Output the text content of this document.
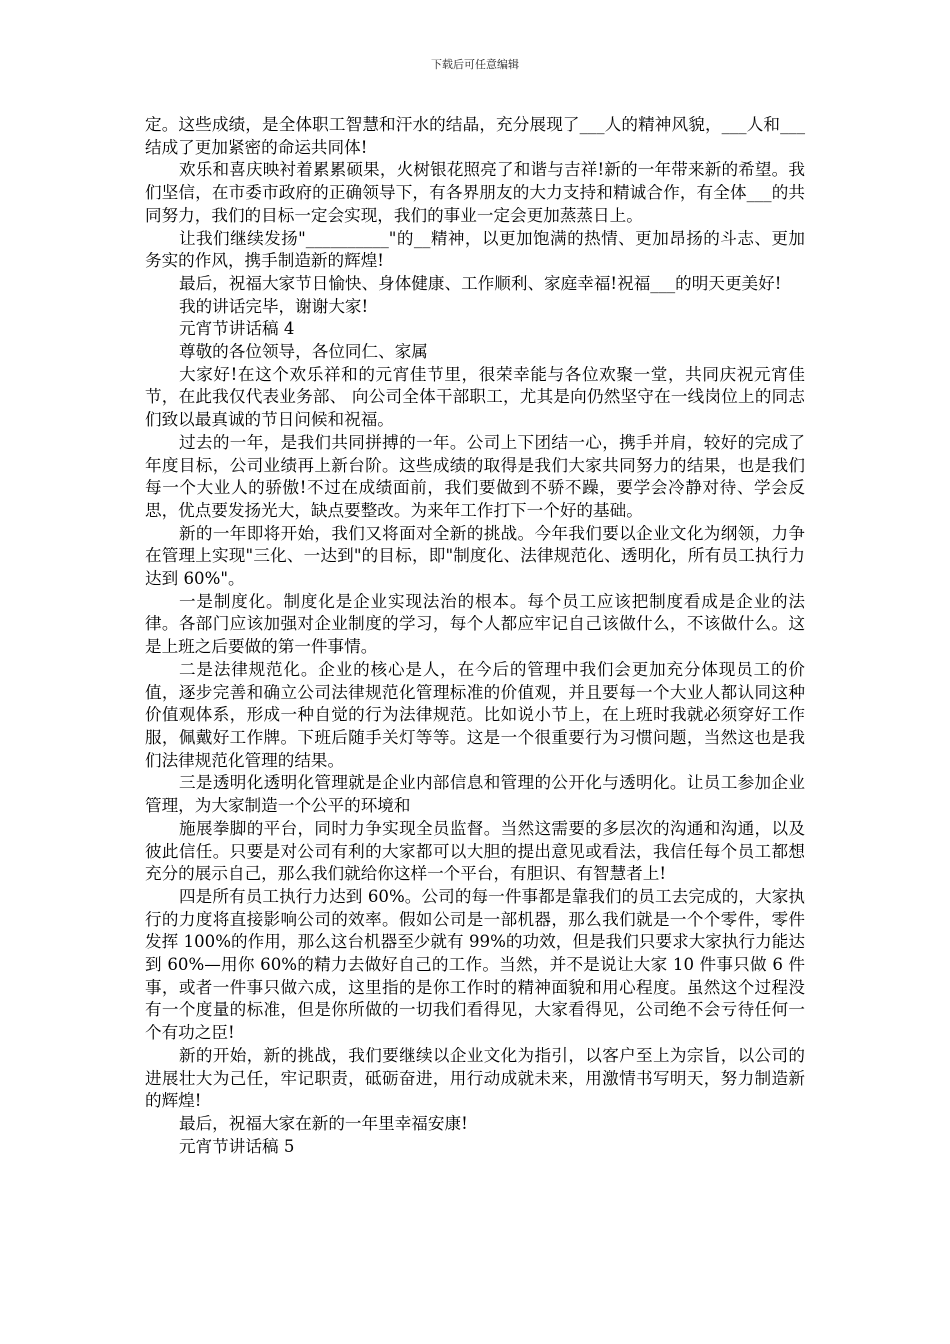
下载后可任意编辑

定。这些成绩，是全体职工智慧和汗水的结晶，充分展现了___人的精神风貌，___人和___结成了更加紧密的命运共同体!

欢乐和喜庆映衬着累累硕果，火树银花照亮了和谐与吉祥!新的一年带来新的希望。我们坚信，在市委市政府的正确领导下，有各界朋友的大力支持和精诚合作，有全体___的共同努力，我们的目标一定会实现，我们的事业一定会更加蒸蒸日上。

让我们继续发扬"__________"的__精神，以更加饱满的热情、更加昂扬的斗志、更加务实的作风，携手制造新的辉煌!

最后，祝福大家节日愉快、身体健康、工作顺利、家庭幸福!祝福___的明天更美好!

我的讲话完毕，谢谢大家!

元宵节讲话稿 4

尊敬的各位领导，各位同仁、家属

大家好!在这个欢乐祥和的元宵佳节里，很荣幸能与各位欢聚一堂，共同庆祝元宵佳节，在此我仅代表业务部、 向公司全体干部职工，尤其是向仍然坚守在一线岗位上的同志们致以最真诚的节日问候和祝福。

过去的一年，是我们共同拼搏的一年。公司上下团结一心，携手并肩，较好的完成了年度目标，公司业绩再上新台阶。这些成绩的取得是我们大家共同努力的结果，也是我们每一个大业人的骄傲!不过在成绩面前，我们要做到不骄不躁，要学会冷静对待、学会反思，优点要发扬光大，缺点要整改。为来年工作打下一个好的基础。

新的一年即将开始，我们又将面对全新的挑战。今年我们要以企业文化为纲领，力争在管理上实现"三化、一达到"的目标，即"制度化、法律规范化、透明化，所有员工执行力达到 60%"。

一是制度化。制度化是企业实现法治的根本。每个员工应该把制度看成是企业的法律。各部门应该加强对企业制度的学习，每个人都应牢记自己该做什么，不该做什么。这是上班之后要做的第一件事情。

二是法律规范化。企业的核心是人，在今后的管理中我们会更加充分体现员工的价值，逐步完善和确立公司法律规范化管理标准的价值观，并且要每一个大业人都认同这种价值观体系，形成一种自觉的行为法律规范。比如说小节上，在上班时我就必须穿好工作服，佩戴好工作牌。下班后随手关灯等等。这是一个很重要行为习惯问题，当然这也是我们法律规范化管理的结果。

三是透明化透明化管理就是企业内部信息和管理的公开化与透明化。让员工参加企业管理，为大家制造一个公平的环境和

施展拳脚的平台，同时力争实现全员监督。当然这需要的多层次的沟通和沟通，以及彼此信任。只要是对公司有利的大家都可以大胆的提出意见或看法，我信任每个员工都想充分的展示自己，那么我们就给你这样一个平台，有胆识、有智慧者上!

四是所有员工执行力达到 60%。公司的每一件事都是靠我们的员工去完成的，大家执行的力度将直接影响公司的效率。假如公司是一部机器，那么我们就是一个个零件，零件发挥 100%的作用，那么这台机器至少就有 99%的功效，但是我们只要求大家执行力能达到 60%—用你 60%的精力去做好自己的工作。当然，并不是说让大家 10 件事只做 6 件事，或者一件事只做六成，这里指的是你工作时的精神面貌和用心程度。虽然这个过程没有一个度量的标准，但是你所做的一切我们看得见，大家看得见，公司绝不会亏待任何一个有功之臣!

新的开始，新的挑战，我们要继续以企业文化为指引，以客户至上为宗旨，以公司的进展壮大为己任，牢记职责，砥砺奋进，用行动成就未来，用激情书写明天，努力制造新的辉煌!

最后，祝福大家在新的一年里幸福安康!

元宵节讲话稿 5
